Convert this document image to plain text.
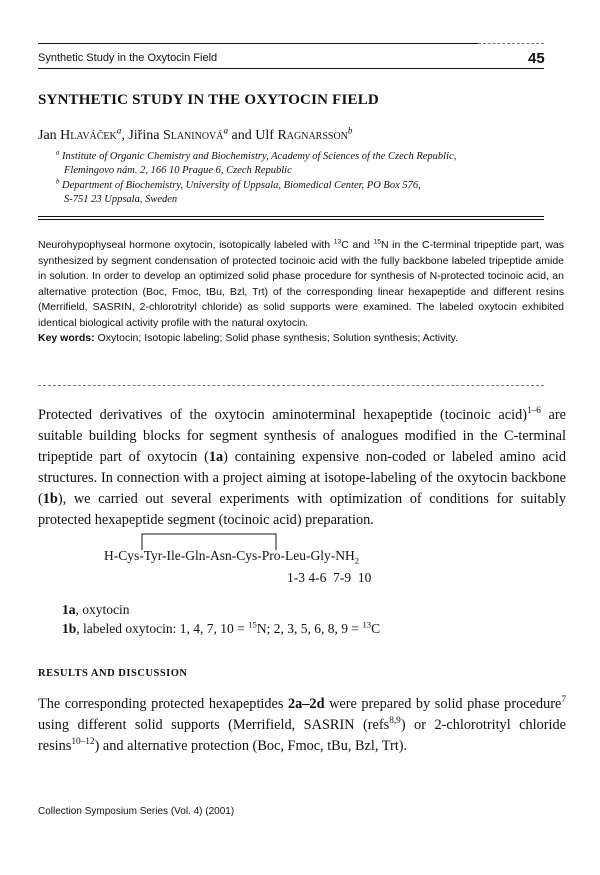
Synthetic Study in the Oxytocin Field	45
SYNTHETIC STUDY IN THE OXYTOCIN FIELD
Jan Hlaváček$^a$, Jiřina Slaninová$^a$ and Ulf Ragnarsson$^b$
$^a$ Institute of Organic Chemistry and Biochemistry, Academy of Sciences of the Czech Republic,
Flemingovo nám. 2, 166 10 Prague 6, Czech Republic
$^b$ Department of Biochemistry, University of Uppsala, Biomedical Center, PO Box 576,
S-751 23 Uppsala, Sweden
Neurohypophyseal hormone oxytocin, isotopically labeled with $^{13}$C and $^{15}$N in the C-terminal tripeptide part, was synthesized by segment condensation of protected tocinoic acid with the fully backbone labeled tripeptide amide in solution. In order to develop an optimized solid phase procedure for synthesis of N-protected tocinoic acid, an alternative protection (Boc, Fmoc, tBu, Bzl, Trt) of the corresponding linear hexapeptide and different resins (Merrifield, SASRIN, 2-chlorotrityl chloride) as solid supports were examined. The labeled oxytocin exhibited identical biological activity profile with the natural oxytocin.
Key words: Oxytocin; Isotopic labeling; Solid phase synthesis; Solution synthesis; Activity.
Protected derivatives of the oxytocin aminoterminal hexapeptide (tocinoic acid)$^{1-6}$ are suitable building blocks for segment synthesis of analogues modified in the C-terminal tripeptide part of oxytocin (1a) containing expensive non-coded or labeled amino acid structures. In connection with a project aiming at isotope-labeling of the oxytocin backbone (1b), we carried out several experiments with optimization of conditions for suitably protected hexapeptide segment (tocinoic acid) preparation.
$H-Cys-Tyr-Ile-Gln-Asn-Cys-Pro-Leu-Gly-NH_2$
1-3 4-6  7-9  10
1a, oxytocin
1b, labeled oxytocin: 1, 4, 7, 10 = $^{15}$N; 2, 3, 5, 6, 8, 9 = $^{13}$C
RESULTS AND DISCUSSION
The corresponding protected hexapeptides 2a–2d were prepared by solid phase procedure$^7$ using different solid supports (Merrifield, SASRIN (refs$^{8,9}$) or 2-chlorotrityl chloride resins$^{10-12}$) and alternative protection (Boc, Fmoc, tBu, Bzl, Trt).
Collection Symposium Series (Vol. 4) (2001)
